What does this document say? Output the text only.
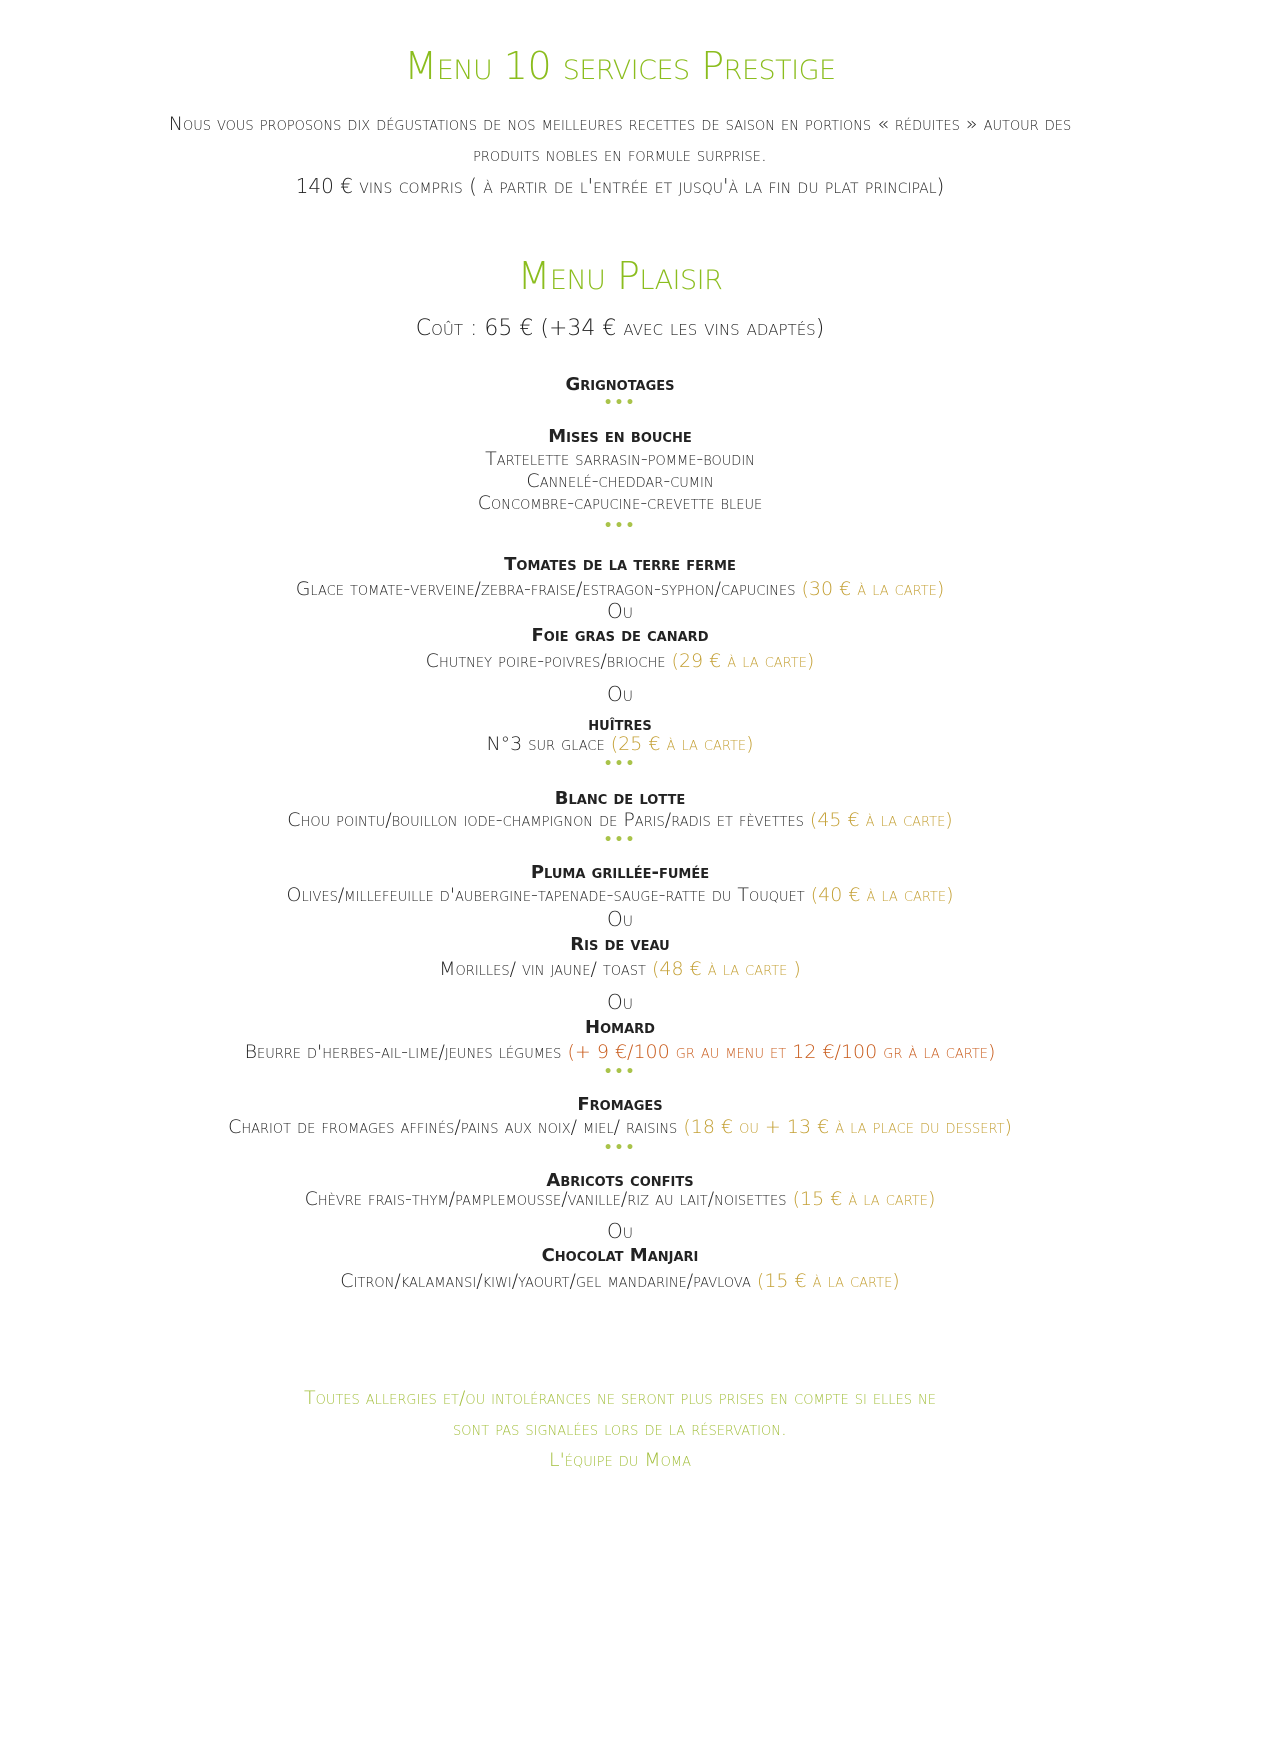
Menu 10 services Prestige
Nous vous proposons dix dégustations de nos meilleures recettes de saison en portions « réduites » autour des
produits nobles en formule surprise.
140 € vins compris ( à partir de l'entrée et jusqu'à la fin du plat principal)
Menu Plaisir
Coût : 65 € (+34 € avec les vins adaptés)
Grignotages
•••
Mises en bouche
Tartelette sarrasin-pomme-boudin
Cannelé-cheddar-cumin
Concombre-capucine-crevette bleue
•••
Tomates de la terre ferme
Glace tomate-verveine/zebra-fraise/estragon-syphon/capucines (30 € à la carte)
Ou
Foie gras de canard
Chutney poire-poivres/brioche (29 € à la carte)
Ou
huîtres
N°3 sur glace (25 € à la carte)
•••
Blanc de lotte
Chou pointu/bouillon iode-champignon de Paris/radis et fèvettes (45 € à la carte)
•••
Pluma grillée-fumée
Olives/millefeuille d'aubergine-tapenade-sauge-ratte du Touquet (40 € à la carte)
Ou
Ris de veau
Morilles/ vin jaune/ toast (48 € à la carte )
Ou
Homard
Beurre d'herbes-ail-lime/jeunes légumes (+ 9 €/100 gr au menu et 12 €/100 gr à la carte)
•••
Fromages
Chariot de fromages affinés/pains aux noix/ miel/ raisins (18 € ou + 13 € à la place du dessert)
•••
Abricots confits
Chèvre frais-thym/pamplemousse/vanille/riz au lait/noisettes (15 € à la carte)
Ou
Chocolat Manjari
Citron/kalamansi/kiwi/yaourt/gel mandarine/pavlova (15 € à la carte)
Toutes allergies et/ou intolérances ne seront plus prises en compte si elles ne
sont pas signalées lors de la réservation.
L'équipe du Moma
